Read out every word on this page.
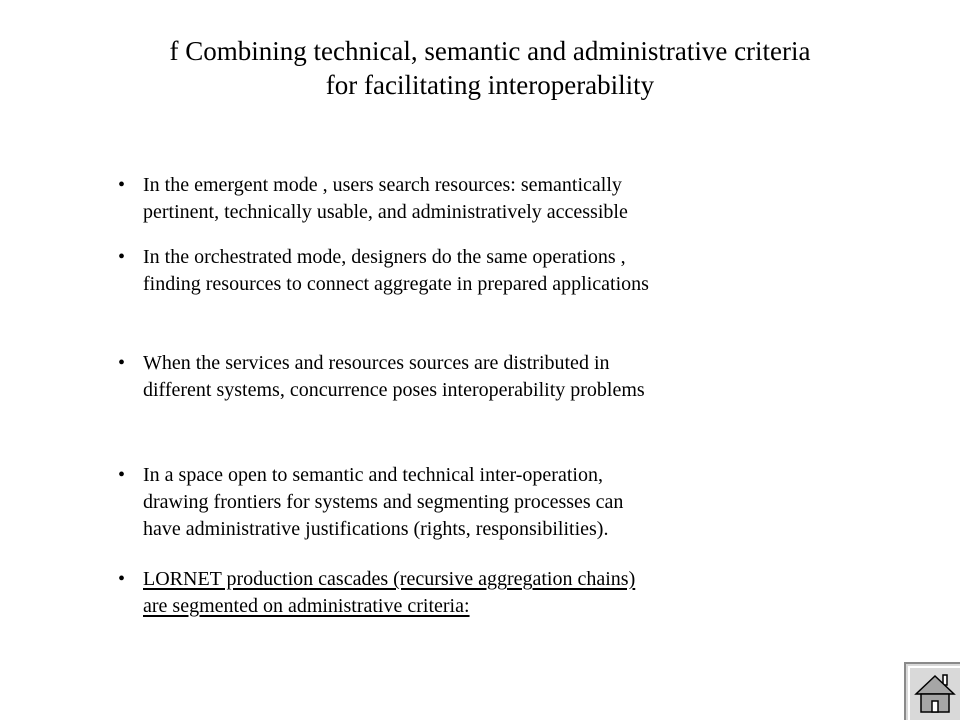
f Combining technical, semantic and administrative criteria
for facilitating interoperability
• In the emergent mode , users search resources: semantically
pertinent, technically usable, and administratively accessible
• In the orchestrated mode, designers do the same operations ,
finding resources to connect aggregate in prepared applications
• When the services and resources sources are distributed in
different systems, concurrence poses interoperability problems
• In a space open to semantic and technical inter-operation,
drawing frontiers for systems and segmenting processes can
have administrative justifications (rights, responsibilities).
• LORNET production cascades (recursive aggregation chains)
are segmented on administrative criteria:
